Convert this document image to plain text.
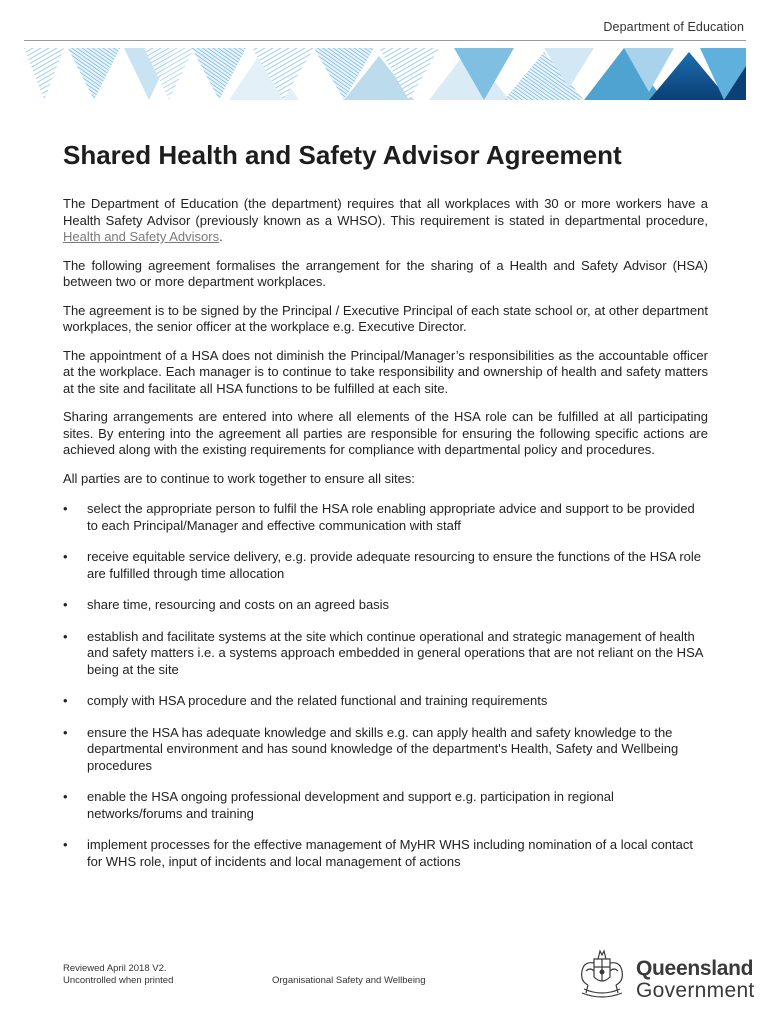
Department of Education
Shared Health and Safety Advisor Agreement

The Department of Education (the department) requires that all workplaces with 30 or more workers have a Health Safety Advisor (previously known as a WHSO). This requirement is stated in departmental procedure, Health and Safety Advisors.

The following agreement formalises the arrangement for the sharing of a Health and Safety Advisor (HSA) between two or more department workplaces.

The agreement is to be signed by the Principal / Executive Principal of each state school or, at other department workplaces, the senior officer at the workplace e.g. Executive Director.

The appointment of a HSA does not diminish the Principal/Manager’s responsibilities as the accountable officer at the workplace. Each manager is to continue to take responsibility and ownership of health and safety matters at the site and facilitate all HSA functions to be fulfilled at each site.

Sharing arrangements are entered into where all elements of the HSA role can be fulfilled at all participating sites. By entering into the agreement all parties are responsible for ensuring the following specific actions are achieved along with the existing requirements for compliance with departmental policy and procedures.

All parties are to continue to work together to ensure all sites:

• select the appropriate person to fulfil the HSA role enabling appropriate advice and support to be provided to each Principal/Manager and effective communication with staff
• receive equitable service delivery, e.g. provide adequate resourcing to ensure the functions of the HSA role are fulfilled through time allocation
• share time, resourcing and costs on an agreed basis
• establish and facilitate systems at the site which continue operational and strategic management of health and safety matters i.e. a systems approach embedded in general operations that are not reliant on the HSA being at the site
• comply with HSA procedure and the related functional and training requirements
• ensure the HSA has adequate knowledge and skills e.g. can apply health and safety knowledge to the departmental environment and has sound knowledge of the department's Health, Safety and Wellbeing procedures
• enable the HSA ongoing professional development and support e.g. participation in regional networks/forums and training
• implement processes for the effective management of MyHR WHS including nomination of a local contact for WHS role, input of incidents and local management of actions
Reviewed April 2018 V2.
Uncontrolled when printed	Organisational Safety and Wellbeing
Queensland
Government
